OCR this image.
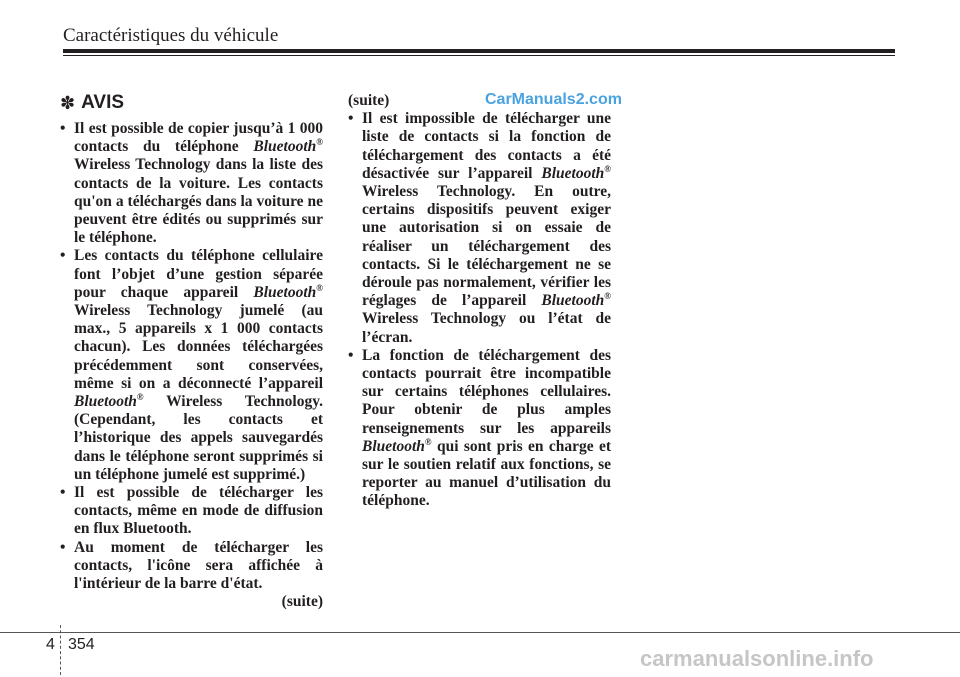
Caractéristiques du véhicule
✽ AVIS

• Il est possible de copier jusqu’à 1 000 contacts du téléphone Bluetooth® Wireless Technology dans la liste des contacts de la voiture. Les contacts qu'on a téléchargés dans la voiture ne peuvent être édités ou supprimés sur le téléphone.

• Les contacts du téléphone cellulaire font l’objet d’une gestion séparée pour chaque appareil Bluetooth® Wireless Technology jumelé (au max., 5 appareils x 1 000 contacts chacun). Les données téléchargées précédemment sont conservées, même si on a déconnecté l’appareil Bluetooth® Wireless Technology. (Cependant, les contacts et l’historique des appels sauvegardés dans le téléphone seront supprimés si un téléphone jumelé est supprimé.)

• Il est possible de télécharger les contacts, même en mode de diffusion en flux Bluetooth.

• Au moment de télécharger les contacts, l'icône sera affichée à l'intérieur de la barre d'état.

(suite)
(suite)

• Il est impossible de télécharger une liste de contacts si la fonction de téléchargement des contacts a été désactivée sur l’appareil Bluetooth® Wireless Technology. En outre, certains dispositifs peuvent exiger une autorisation si on essaie de réaliser un téléchargement des contacts. Si le téléchargement ne se déroule pas normalement, vérifier les réglages de l’appareil Bluetooth® Wireless Technology ou l’état de l’écran.

• La fonction de téléchargement des contacts pourrait être incompatible sur certains téléphones cellulaires. Pour obtenir de plus amples renseignements sur les appareils Bluetooth® qui sont pris en charge et sur le soutien relatif aux fonctions, se reporter au manuel d’utilisation du téléphone.

CarManuals2.com
4 354
carmanualsonline.info
